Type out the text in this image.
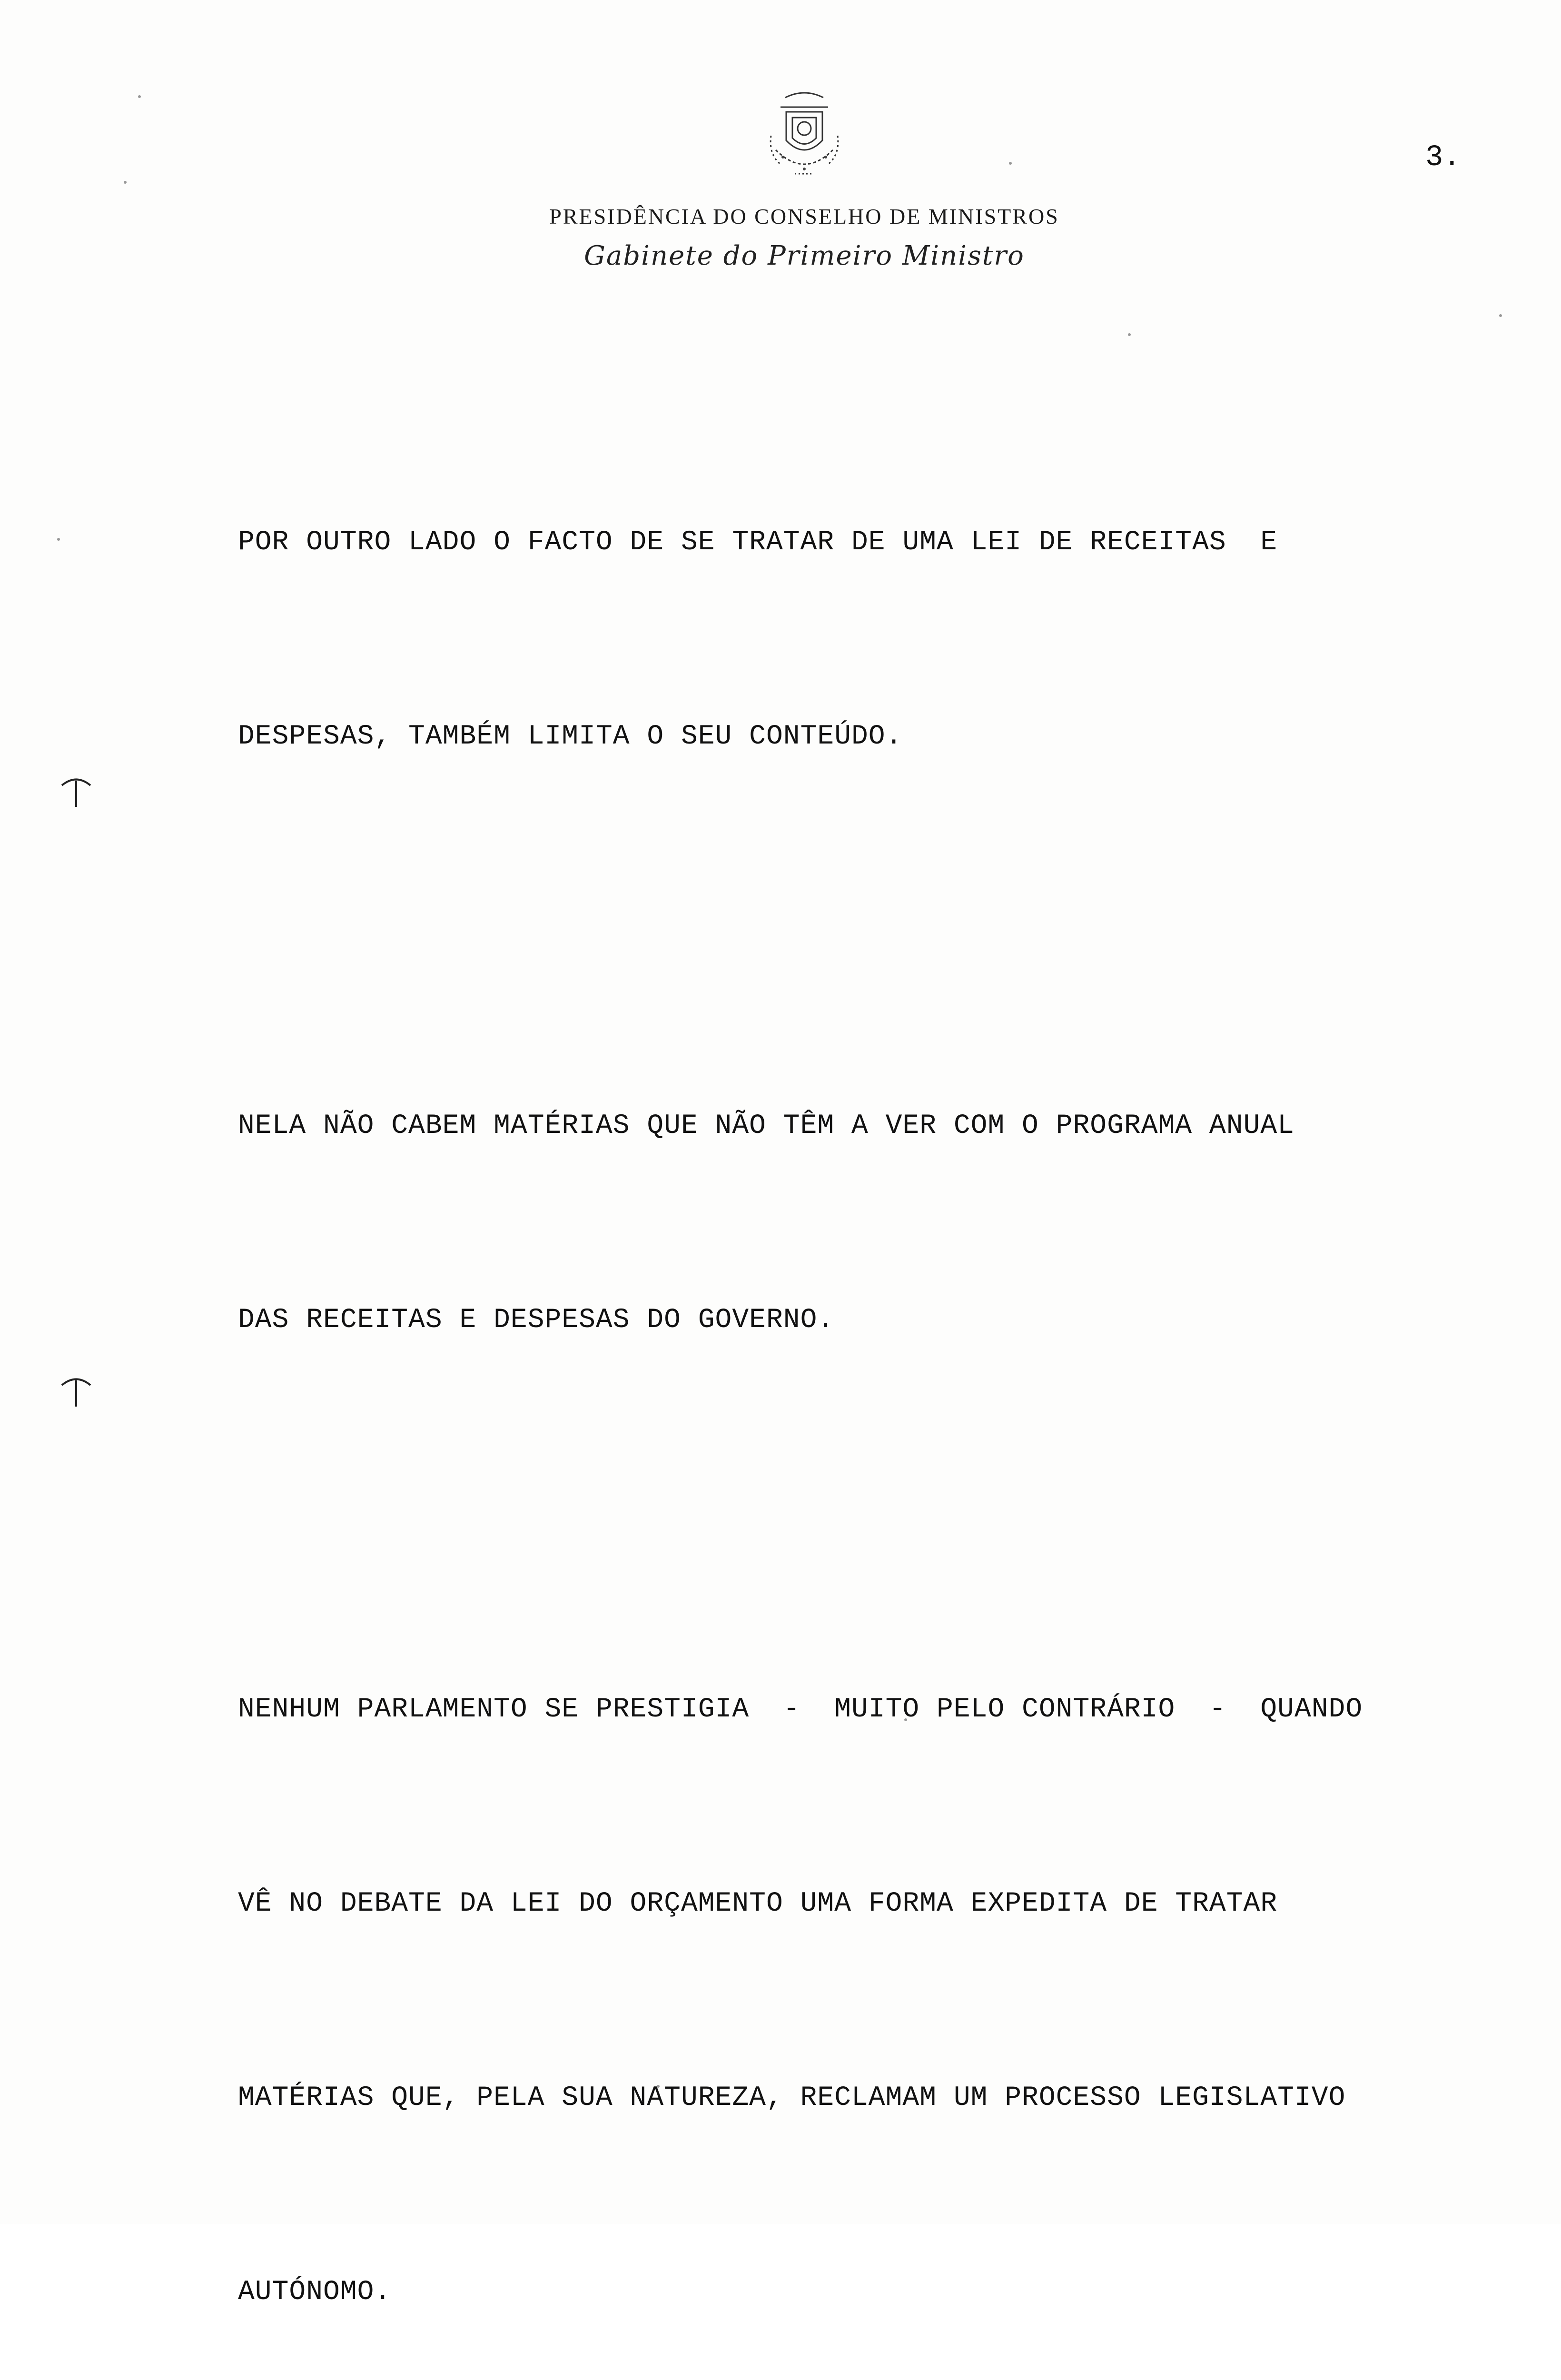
3.
PRESIDÊNCIA DO CONSELHO DE MINISTROS
Gabinete do Primeiro Ministro

POR OUTRO LADO O FACTO DE SE TRATAR DE UMA LEI DE RECEITAS  E

DESPESAS, TAMBÉM LIMITA O SEU CONTEÚDO.

NELA NÃO CABEM MATÉRIAS QUE NÃO TÊM A VER COM O PROGRAMA ANUAL

DAS RECEITAS E DESPESAS DO GOVERNO.

NENHUM PARLAMENTO SE PRESTIGIA  -  MUITO PELO CONTRÁRIO  -  QUANDO

VÊ NO DEBATE DA LEI DO ORÇAMENTO UMA FORMA EXPEDITA DE TRATAR

MATÉRIAS QUE, PELA SUA NATUREZA, RECLAMAM UM PROCESSO LEGISLATIVO

AUTÓNOMO.
